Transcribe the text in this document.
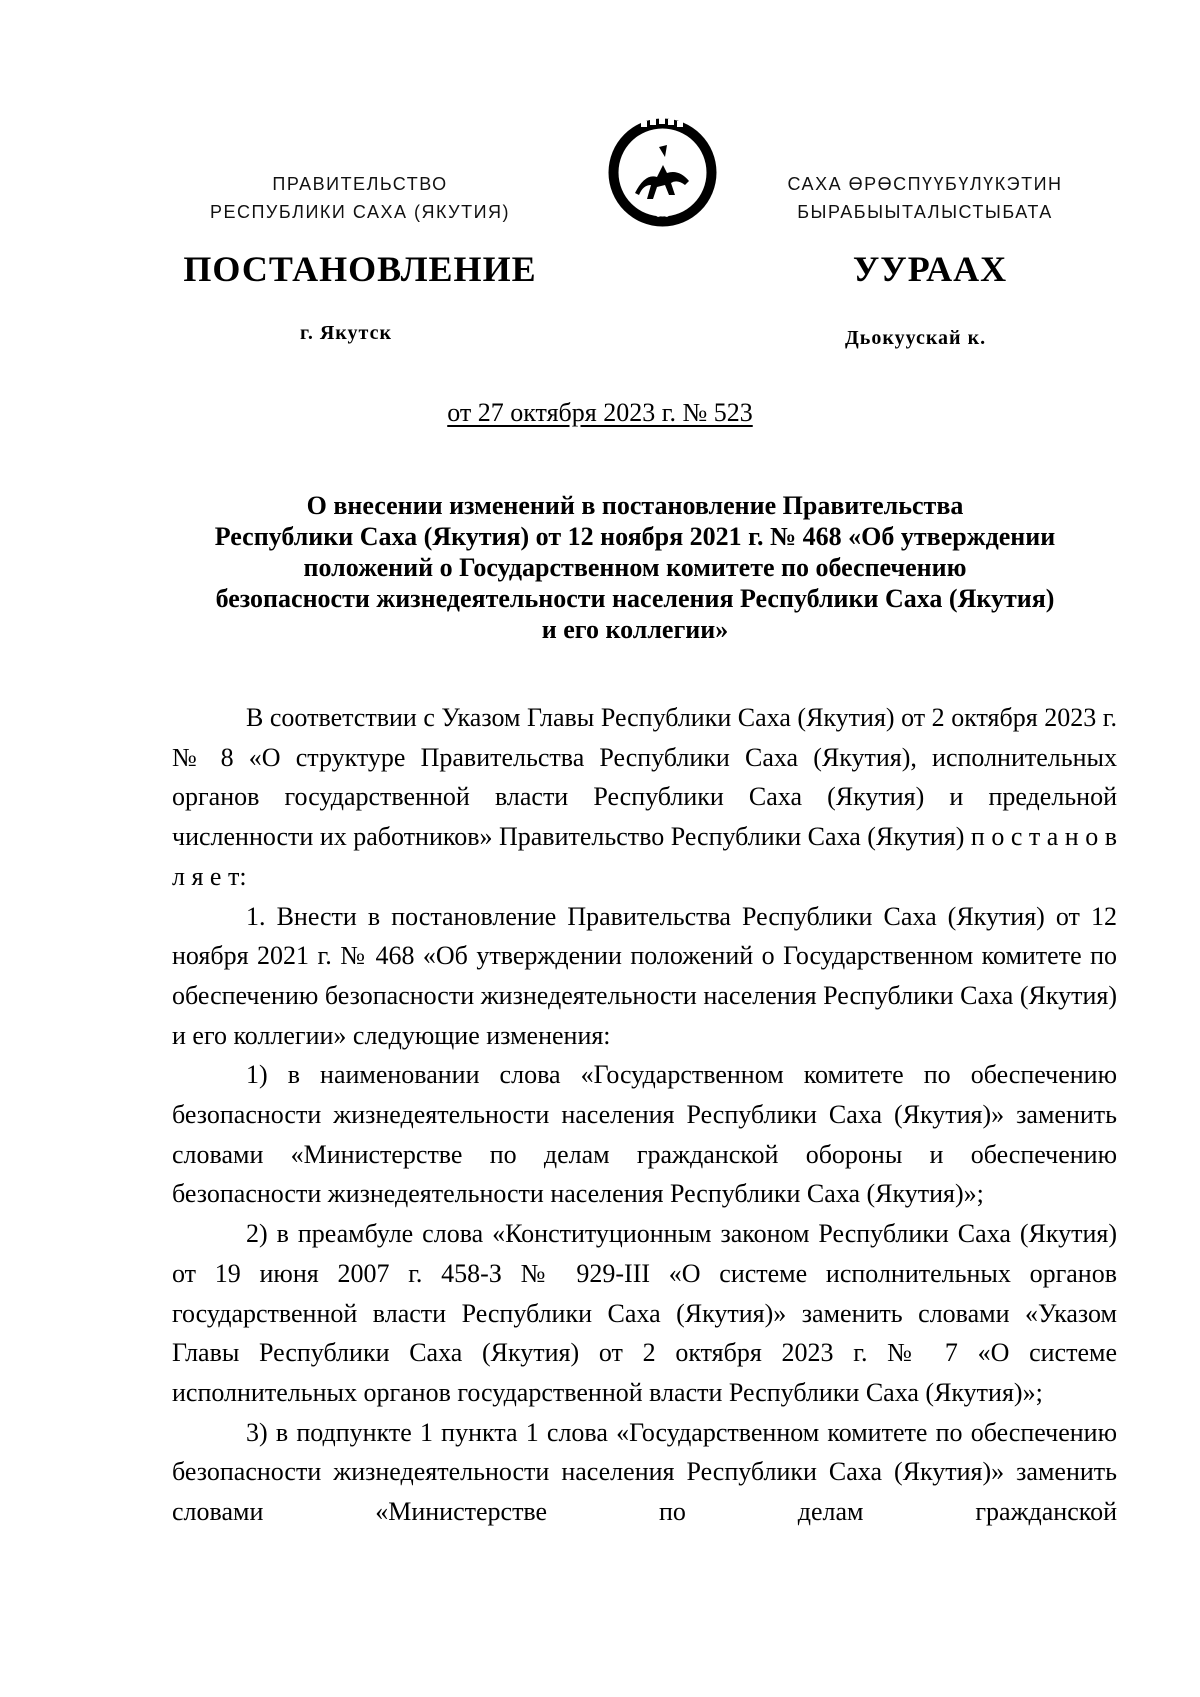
ПРАВИТЕЛЬСТВО
РЕСПУБЛИКИ САХА (ЯКУТИЯ)	● ●
САХА ӨРӨСПҮҮБҮЛҮКЭТИН
БЫРАБЫЫТАЛЫСТЫБАТА
ПОСТАНОВЛЕНИЕ	УУРААХ
г. Якутск	Дьокуускай к.
от 27 октября 2023 г. № 523
О внесении изменений в постановление Правительства
Республики Саха (Якутия) от 12 ноября 2021 г. № 468 «Об утверждении
положений о Государственном комитете по обеспечению
безопасности жизнедеятельности населения Республики Саха (Якутия)
и его коллегии»

В соответствии с Указом Главы Республики Саха (Якутия) от 2 октября 2023 г. № 8 «О структуре Правительства Республики Саха (Якутия), исполнительных органов государственной власти Республики Саха (Якутия) и предельной численности их работников» Правительство Республики Саха (Якутия) п о с т а н о в л я е т:

1. Внести в постановление Правительства Республики Саха (Якутия) от 12 ноября 2021 г. № 468 «Об утверждении положений о Государственном комитете по обеспечению безопасности жизнедеятельности населения Республики Саха (Якутия) и его коллегии» следующие изменения:

1) в наименовании слова «Государственном комитете по обеспечению безопасности жизнедеятельности населения Республики Саха (Якутия)» заменить словами «Министерстве по делам гражданской обороны и обеспечению безопасности жизнедеятельности населения Республики Саха (Якутия)»;

2) в преамбуле слова «Конституционным законом Республики Саха (Якутия) от 19 июня 2007 г. 458-З № 929-III «О системе исполнительных органов государственной власти Республики Саха (Якутия)» заменить словами «Указом Главы Республики Саха (Якутия) от 2 октября 2023 г. № 7 «О системе исполнительных органов государственной власти Республики Саха (Якутия)»;

3) в подпункте 1 пункта 1 слова «Государственном комитете по обеспечению безопасности жизнедеятельности населения Республики Саха (Якутия)» заменить словами «Министерстве по делам гражданской
